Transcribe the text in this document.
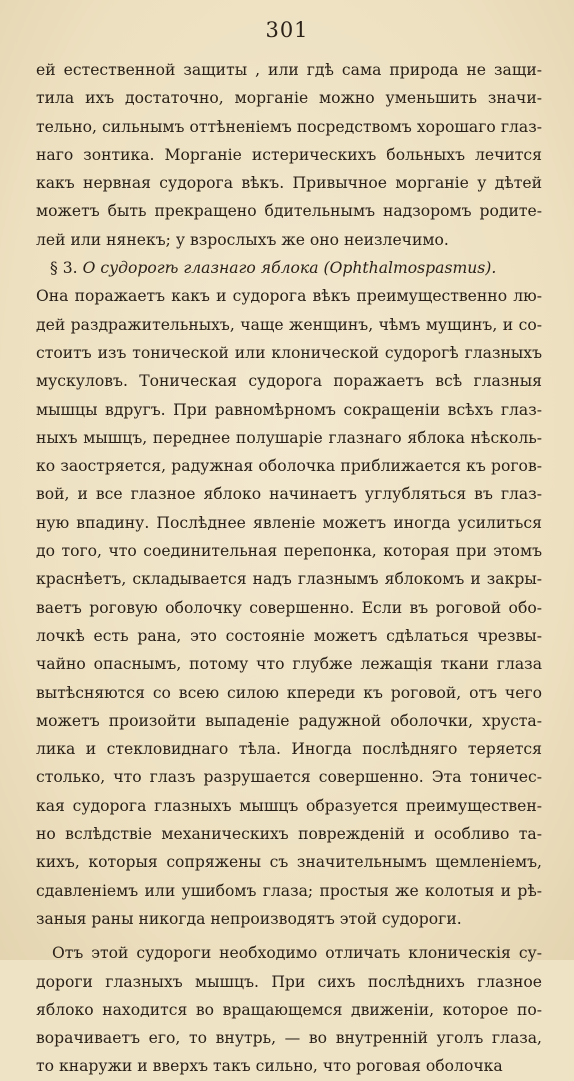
301
ей естественной защиты , или гдѣ сама природа не защи-
тила ихъ достаточно, морганіе можно уменьшить значи-
тельно, сильнымъ оттѣненіемъ посредствомъ хорошаго глаз-
наго зонтика. Морганіе истерическихъ больныхъ лечится
какъ нервная судорога вѣкъ. Привычное морганіе у дѣтей
можетъ быть прекращено бдительнымъ надзоромъ родите-
лей или нянекъ; у взрослыхъ же оно неизлечимо.
§ 3. О судорогѣ глазнаго яблока (Ophthalmospasmus).
Она поражаетъ какъ и судорога вѣкъ преимущественно лю-
дей раздражительныхъ, чаще женщинъ, чѣмъ мущинъ, и со-
стоитъ изъ тонической или клонической судорогѣ глазныхъ
мускуловъ. Тоническая судорога поражаетъ всѣ глазныя
мышцы вдругъ. При равномѣрномъ сокращеніи всѣхъ глаз-
ныхъ мышцъ, переднее полушаріе глазнаго яблока нѣсколь-
ко заостряется, радужная оболочка приближается къ рогов-
вой, и все глазное яблоко начинаетъ углубляться въ глаз-
ную впадину. Послѣднее явленіе можетъ иногда усилиться
до того, что соединительная перепонка, которая при этомъ
краснѣетъ, складывается надъ глазнымъ яблокомъ и закры-
ваетъ роговую оболочку совершенно. Если въ роговой обо-
лочкѣ есть рана, это состояніе можетъ сдѣлаться чрезвы-
чайно опаснымъ, потому что глубже лежащія ткани глаза
вытѣсняются со всею силою кпереди къ роговой, отъ чего
можетъ произойти выпаденіе радужной оболочки, хруста-
лика и стекловиднаго тѣла. Иногда послѣдняго теряется
столько, что глазъ разрушается совершенно. Эта тоничес-
кая судорога глазныхъ мышцъ образуется преимуществен-
но вслѣдствіе механическихъ поврежденій и особливо та-
кихъ, которыя сопряжены съ значительнымъ щемленіемъ,
сдавленіемъ или ушибомъ глаза; простыя же колотыя и рѣ-
заныя раны никогда непроизводятъ этой судороги.
Отъ этой судороги необходимо отличать клоническія су-
дороги глазныхъ мышцъ. При сихъ послѣднихъ глазное
яблоко находится во вращающемся движеніи, которое по-
ворачиваетъ его, то внутрь, — во внутренній уголъ глаза,
то кнаружи и вверхъ такъ сильно, что роговая оболочка
